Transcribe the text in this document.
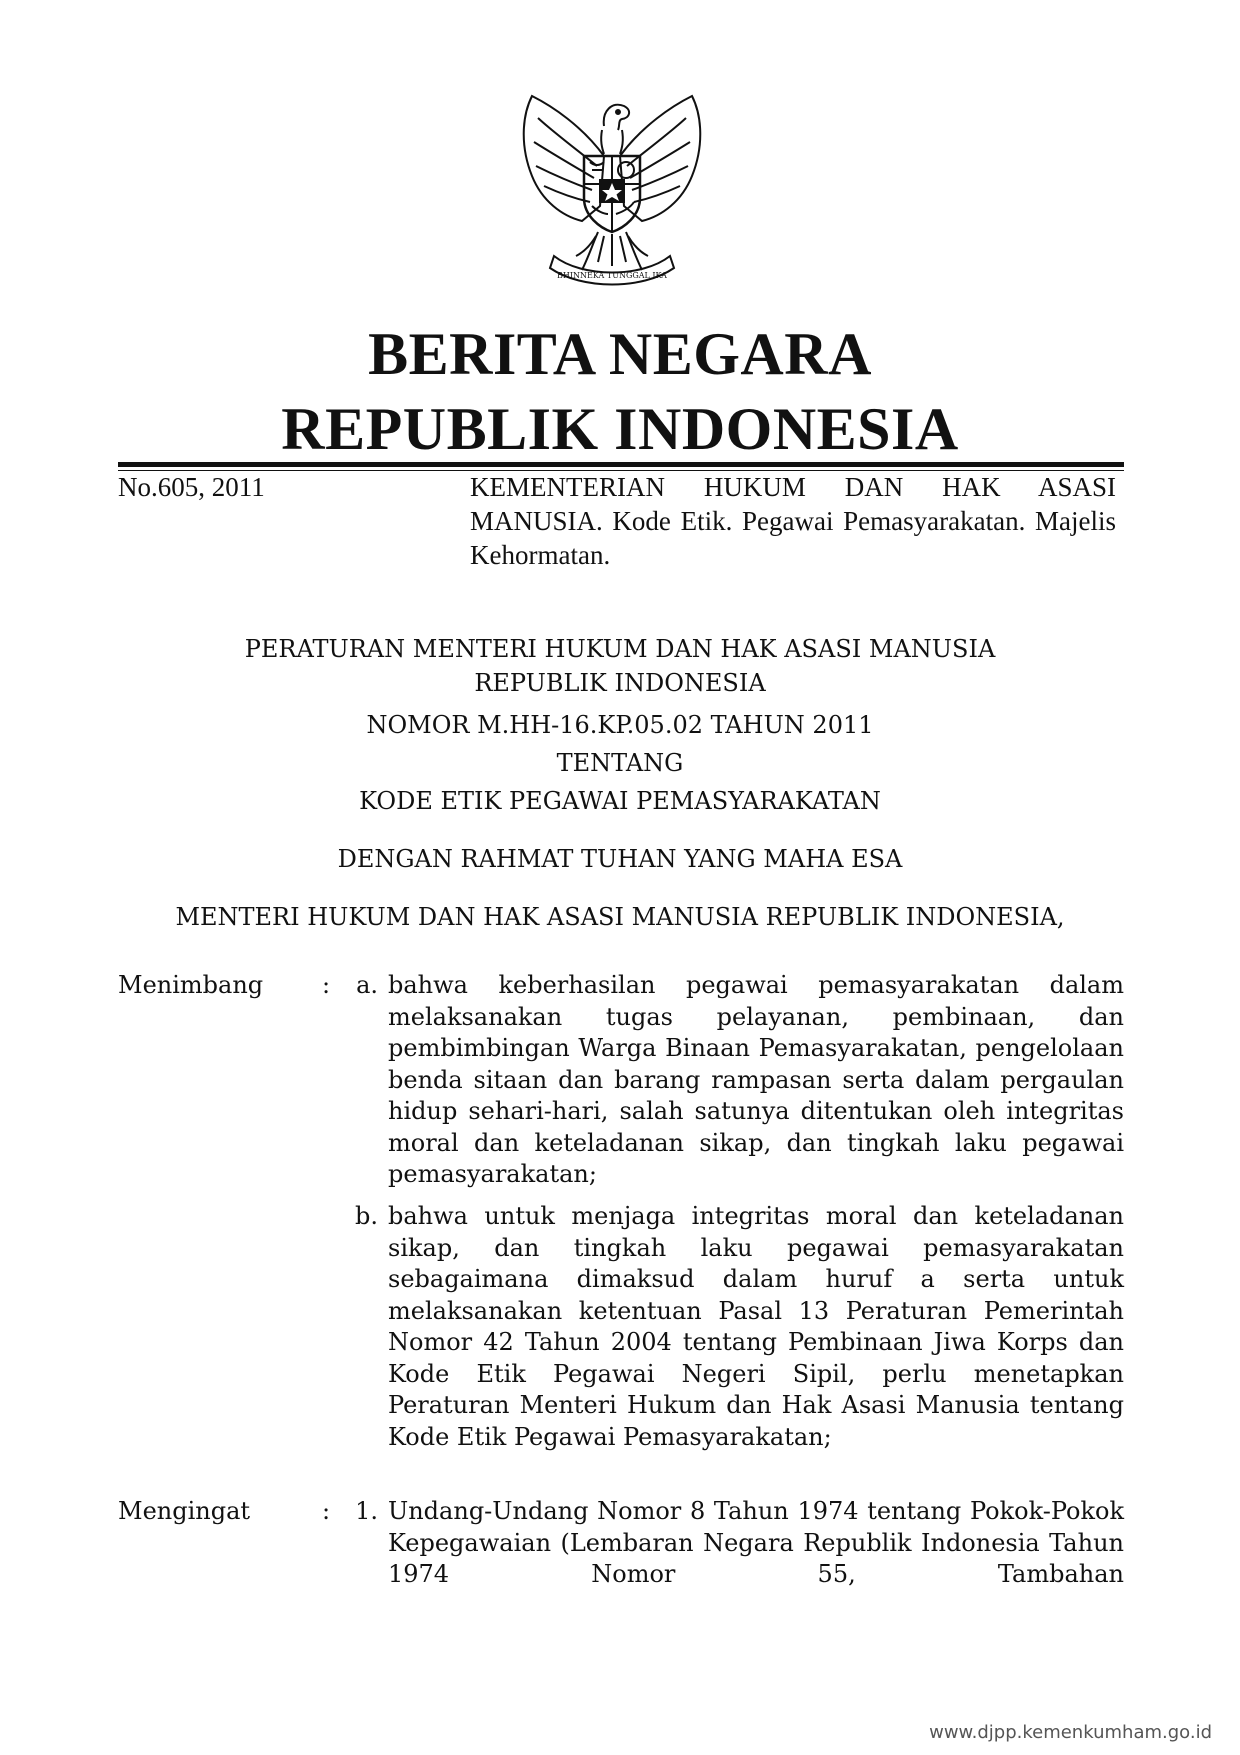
BHINNEKA TUNGGAL IKA
BERITA NEGARA
REPUBLIK INDONESIA
No.605, 2011	KEMENTERIAN HUKUM DAN HAK ASASI MANUSIA. Kode Etik. Pegawai Pemasyarakatan. Majelis Kehormatan.
PERATURAN MENTERI HUKUM DAN HAK ASASI MANUSIA
REPUBLIK INDONESIA
NOMOR M.HH-16.KP.05.02 TAHUN 2011
TENTANG
KODE ETIK PEGAWAI PEMASYARAKATAN
DENGAN RAHMAT TUHAN YANG MAHA ESA
MENTERI HUKUM DAN HAK ASASI MANUSIA REPUBLIK INDONESIA,
Menimbang :	a. bahwa keberhasilan pegawai pemasyarakatan dalam melaksanakan tugas pelayanan, pembinaan, dan pembimbingan Warga Binaan Pemasyarakatan, pengelolaan benda sitaan dan barang rampasan serta dalam pergaulan hidup sehari-hari, salah satunya ditentukan oleh integritas moral dan keteladanan sikap, dan tingkah laku pegawai pemasyarakatan;
b. bahwa untuk menjaga integritas moral dan keteladanan sikap, dan tingkah laku pegawai pemasyarakatan sebagaimana dimaksud dalam huruf a serta untuk melaksanakan ketentuan Pasal 13 Peraturan Pemerintah Nomor 42 Tahun 2004 tentang Pembinaan Jiwa Korps dan Kode Etik Pegawai Negeri Sipil, perlu menetapkan Peraturan Menteri Hukum dan Hak Asasi Manusia tentang Kode Etik Pegawai Pemasyarakatan;
Mengingat	:	1. Undang-Undang Nomor 8 Tahun 1974 tentang Pokok-Pokok Kepegawaian (Lembaran Negara Republik Indonesia Tahun 1974 Nomor 55, Tambahan
www.djpp.kemenkumham.go.id
